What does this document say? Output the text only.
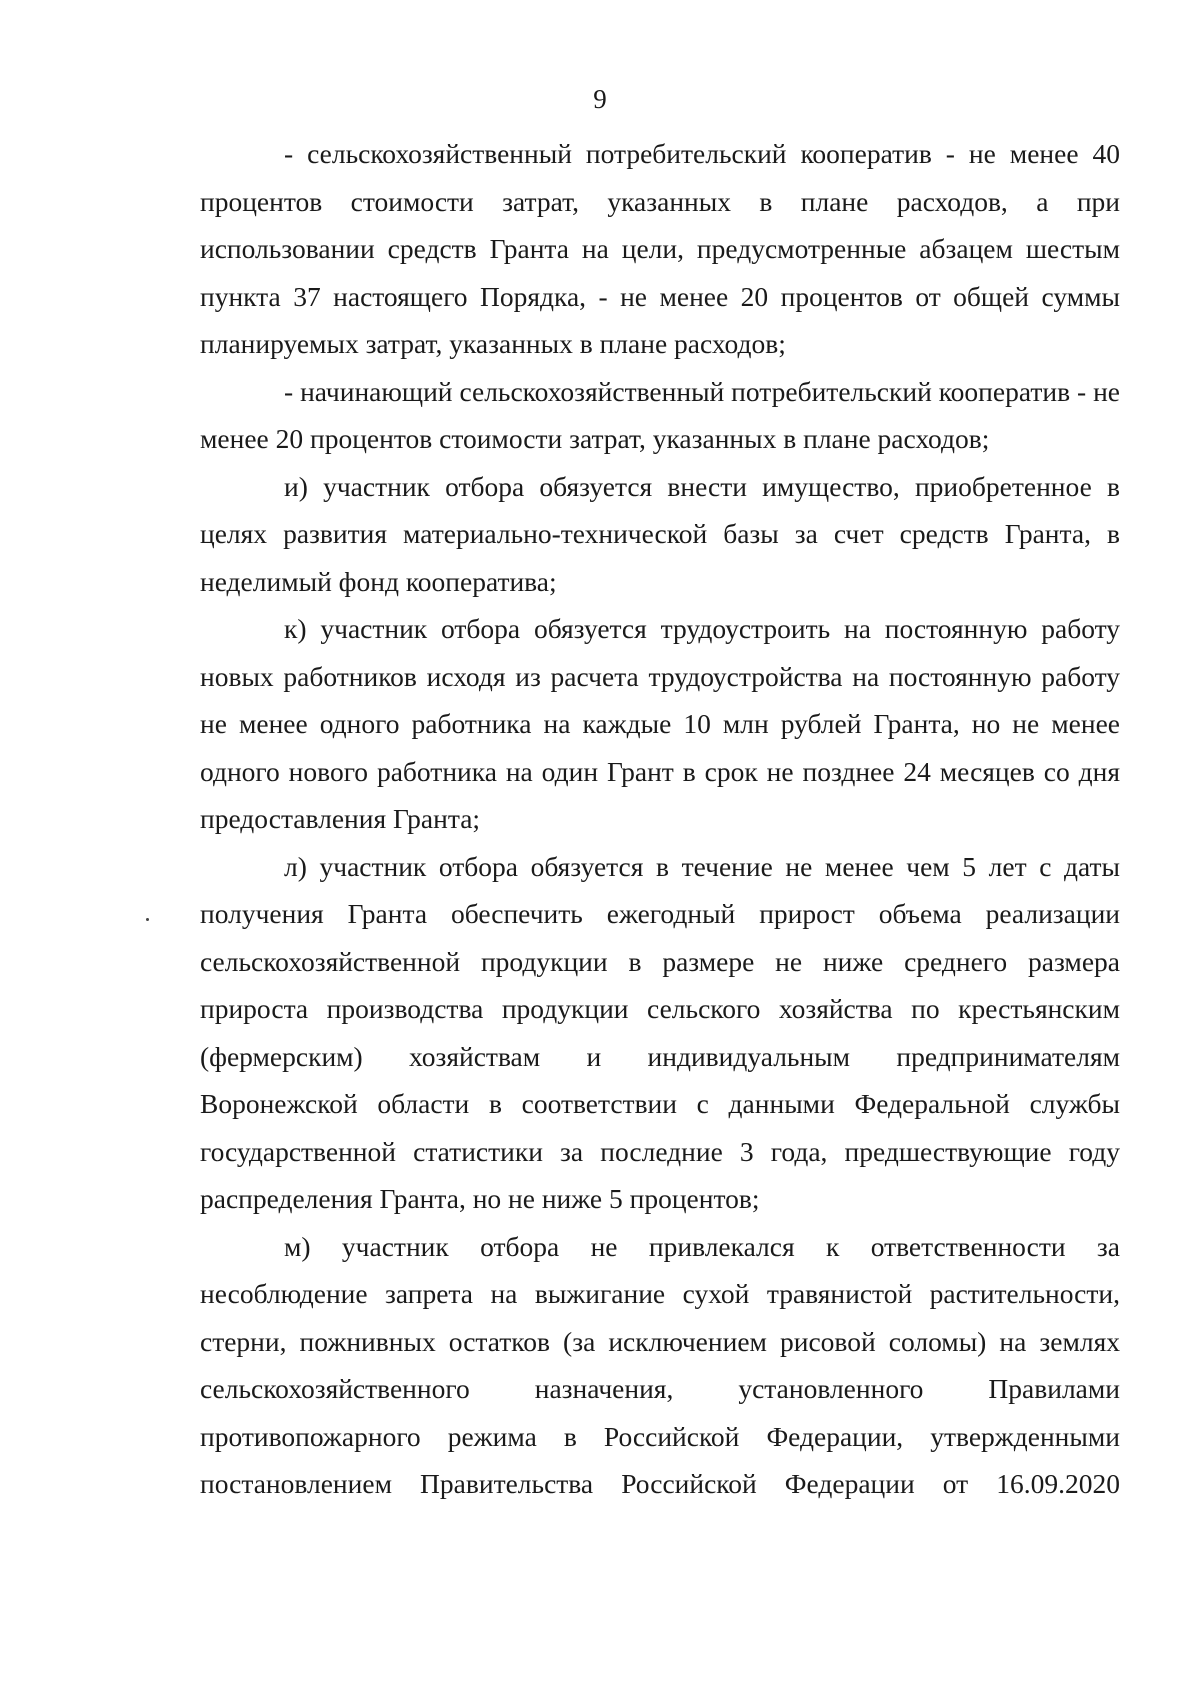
9

- сельскохозяйственный потребительский кооператив - не менее 40 процентов стоимости затрат, указанных в плане расходов, а при использовании средств Гранта на цели, предусмотренные абзацем шестым пункта 37 настоящего Порядка, - не менее 20 процентов от общей суммы планируемых затрат, указанных в плане расходов;

- начинающий сельскохозяйственный потребительский кооператив - не менее 20 процентов стоимости затрат, указанных в плане расходов;

и) участник отбора обязуется внести имущество, приобретенное в целях развития материально-технической базы за счет средств Гранта, в неделимый фонд кооператива;

к) участник отбора обязуется трудоустроить на постоянную работу новых работников исходя из расчета трудоустройства на постоянную работу не менее одного работника на каждые 10 млн рублей Гранта, но не менее одного нового работника на один Грант в срок не позднее 24 месяцев со дня предоставления Гранта;

л) участник отбора обязуется в течение не менее чем 5 лет с даты получения Гранта обеспечить ежегодный прирост объема реализации сельскохозяйственной продукции в размере не ниже среднего размера прироста производства продукции сельского хозяйства по крестьянским (фермерским) хозяйствам и индивидуальным предпринимателям Воронежской области в соответствии с данными Федеральной службы государственной статистики за последние 3 года, предшествующие году распределения Гранта, но не ниже 5 процентов;

м) участник отбора не привлекался к ответственности за несоблюдение запрета на выжигание сухой травянистой растительности, стерни, пожнивных остатков (за исключением рисовой соломы) на землях сельскохозяйственного назначения, установленного Правилами противопожарного режима в Российской Федерации, утвержденными постановлением Правительства Российской Федерации от 16.09.2020
